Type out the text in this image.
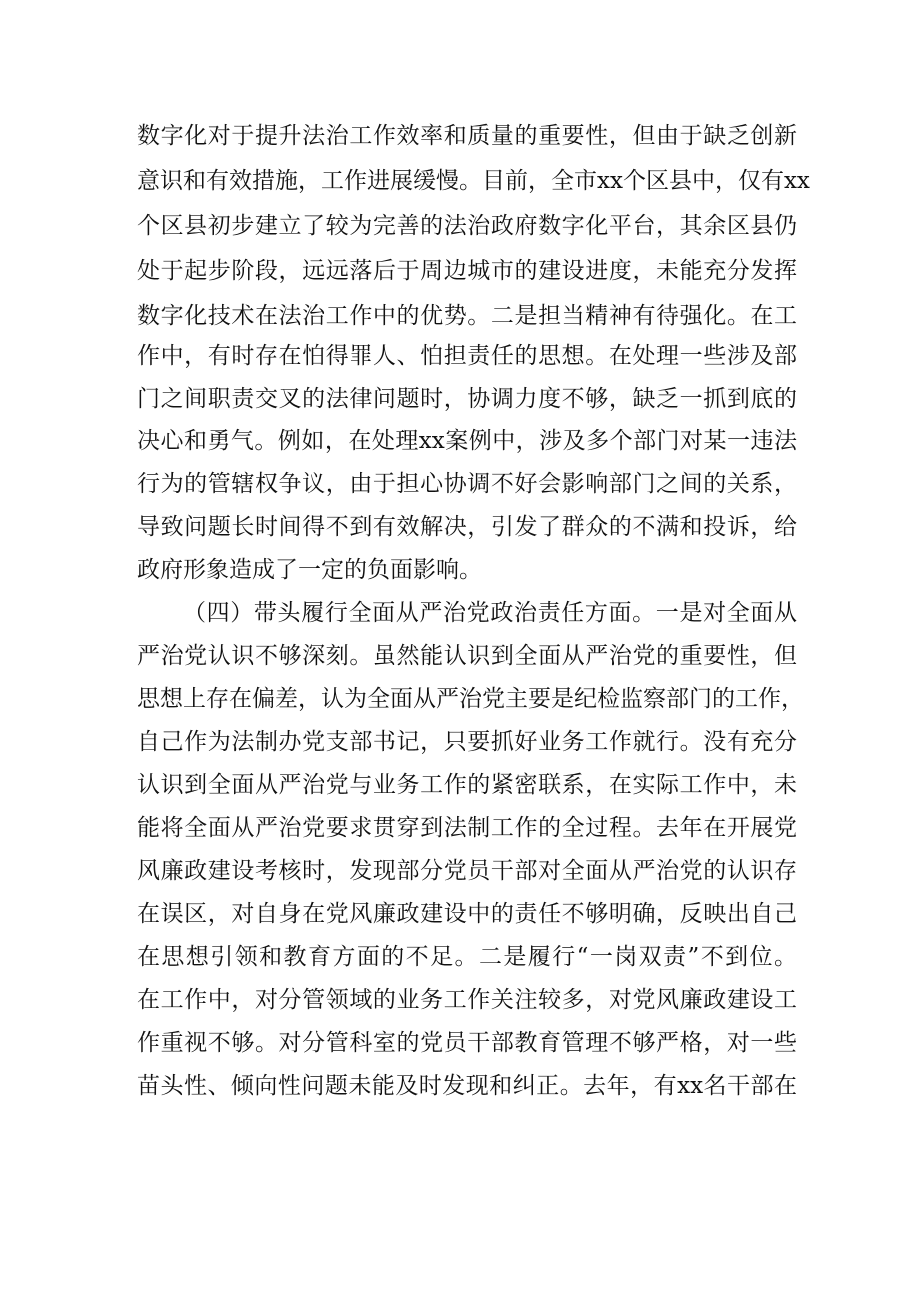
数字化对于提升法治工作效率和质量的重要性，但由于缺乏创新
意识和有效措施，工作进展缓慢。目前，全市xx个区县中，仅有xx
个区县初步建立了较为完善的法治政府数字化平台，其余区县仍
处于起步阶段，远远落后于周边城市的建设进度，未能充分发挥
数字化技术在法治工作中的优势。二是担当精神有待强化。在工
作中，有时存在怕得罪人、怕担责任的思想。在处理一些涉及部
门之间职责交叉的法律问题时，协调力度不够，缺乏一抓到底的
决心和勇气。例如，在处理xx案例中，涉及多个部门对某一违法
行为的管辖权争议，由于担心协调不好会影响部门之间的关系，
导致问题长时间得不到有效解决，引发了群众的不满和投诉，给
政府形象造成了一定的负面影响。
（四）带头履行全面从严治党政治责任方面。一是对全面从
严治党认识不够深刻。虽然能认识到全面从严治党的重要性，但
思想上存在偏差，认为全面从严治党主要是纪检监察部门的工作，
自己作为法制办党支部书记，只要抓好业务工作就行。没有充分
认识到全面从严治党与业务工作的紧密联系，在实际工作中，未
能将全面从严治党要求贯穿到法制工作的全过程。去年在开展党
风廉政建设考核时，发现部分党员干部对全面从严治党的认识存
在误区，对自身在党风廉政建设中的责任不够明确，反映出自己
在思想引领和教育方面的不足。二是履行“一岗双责”不到位。
在工作中，对分管领域的业务工作关注较多，对党风廉政建设工
作重视不够。对分管科室的党员干部教育管理不够严格，对一些
苗头性、倾向性问题未能及时发现和纠正。去年，有xx名干部在
